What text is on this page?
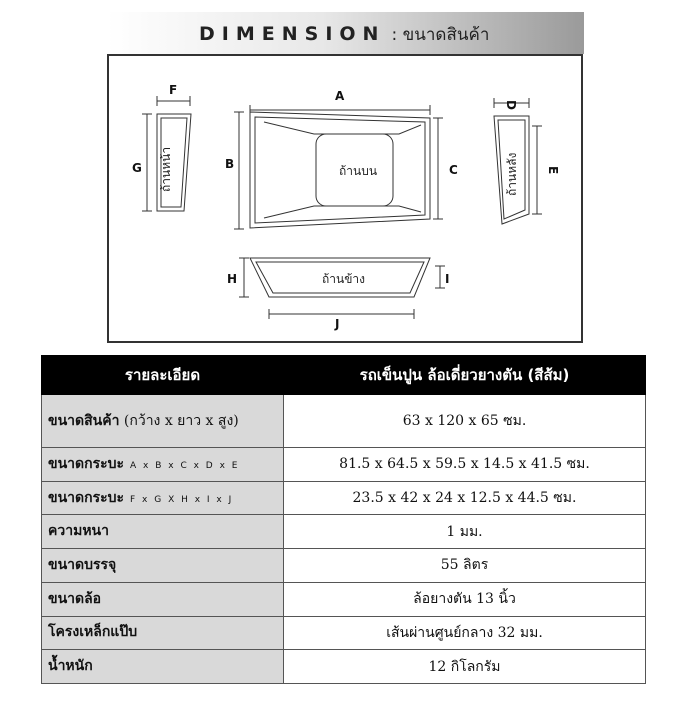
DIMENSION : ขนาดสินค้า
F
G
A
B	C
D
E
H	I
J
ถ้านบน
ถ้านหน้า	ถ้านหลัง
ถ้านข้าง
รายละเอียด	รถเข็นปูน ล้อเดี่ยวยางตัน (สีส้ม)
ขนาดสินค้า (กว้าง x ยาว x สูง)	63 x 120 x 65 ซม.
ขนาดกระบะ A x B x C x D x E	81.5 x 64.5 x 59.5 x 14.5 x 41.5 ซม.
ขนาดกระบะ F x G X H x I x J	23.5 x 42 x 24 x 12.5 x 44.5 ซม.
ความหนา	1 มม.
ขนาดบรรจุ	55 ลิตร
ขนาดล้อ	ล้อยางตัน 13 นิ้ว
โครงเหล็กแป๊บ	เส้นผ่านศูนย์กลาง 32 มม.
น้ำหนัก	12 กิโลกรัม
